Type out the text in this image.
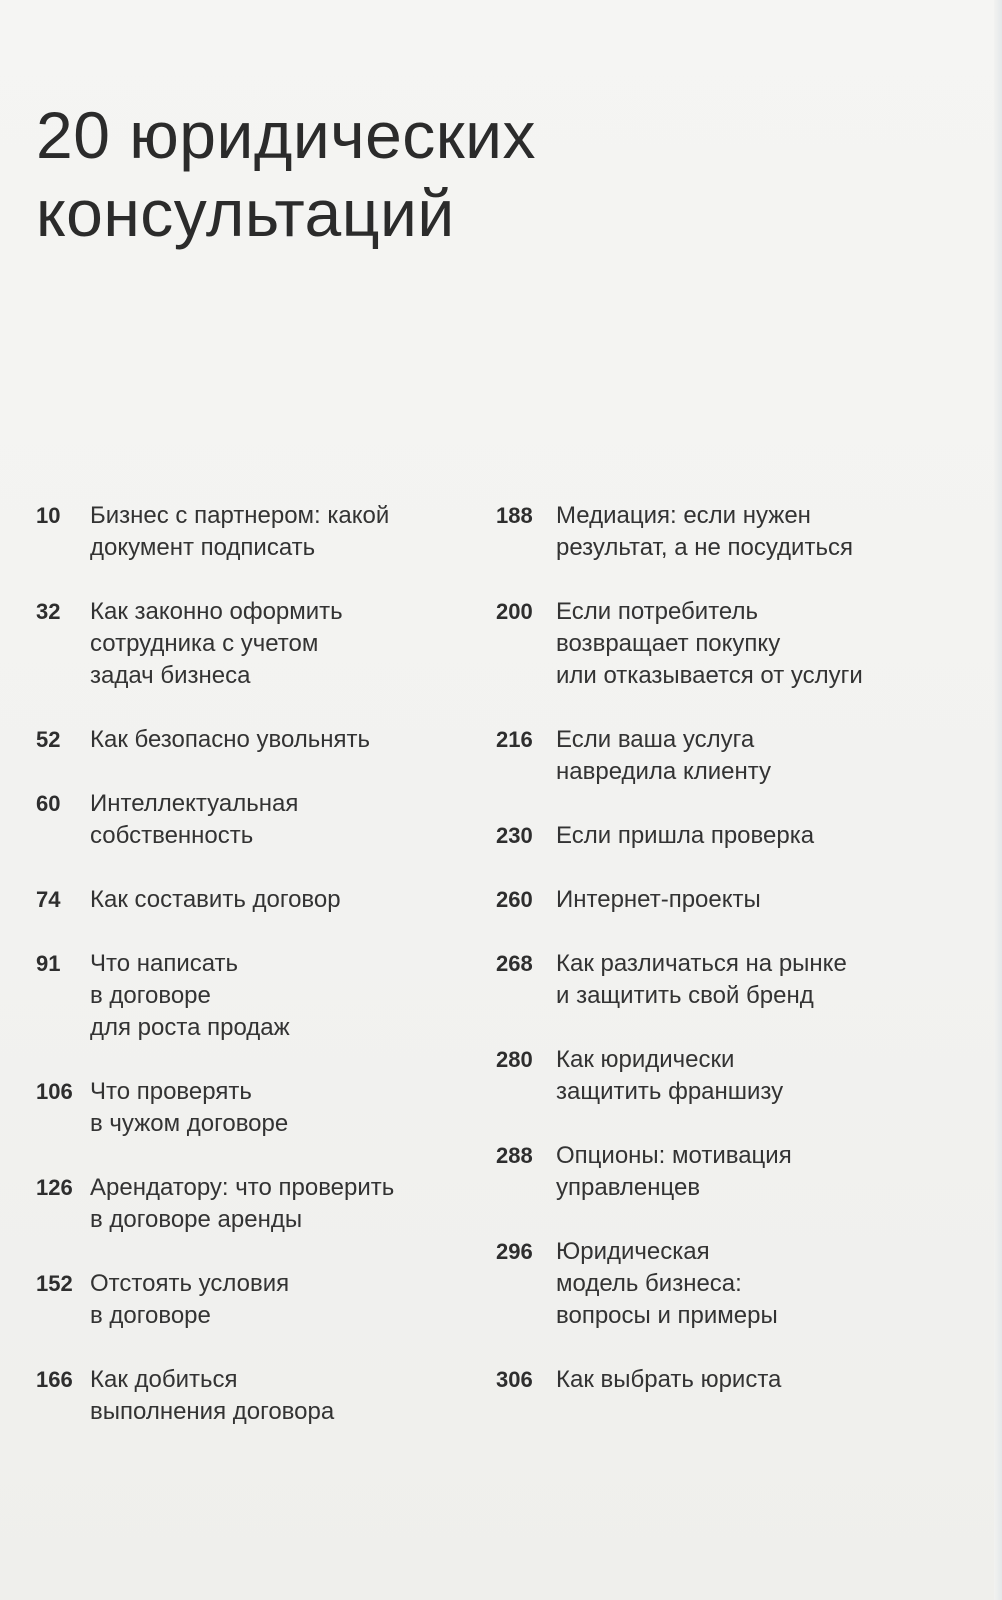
20 юридических
консультаций
10	Бизнес с партнером: какой
документ подписать
32	Как законно оформить
сотрудника с учетом
задач бизнеса
52	Как безопасно увольнять
60	Интеллектуальная
собственность
74	Как составить договор
91	Что написать
в договоре
для роста продаж
106 Что проверять
в чужом договоре
126 Арендатору: что проверить
в договоре аренды
152 Отстоять условия
в договоре
166 Как добиться
выполнения договора
188 Медиация: если нужен
результат, а не посудиться
200 Если потребитель
возвращает покупку
или отказывается от услуги
216 Если ваша услуга
навредила клиенту
230 Если пришла проверка
260 Интернет-проекты
268 Как различаться на рынке
и защитить свой бренд
280 Как юридически
защитить франшизу
288 Опционы: мотивация
управленцев
296 Юридическая
модель бизнеса:
вопросы и примеры
306 Как выбрать юриста
